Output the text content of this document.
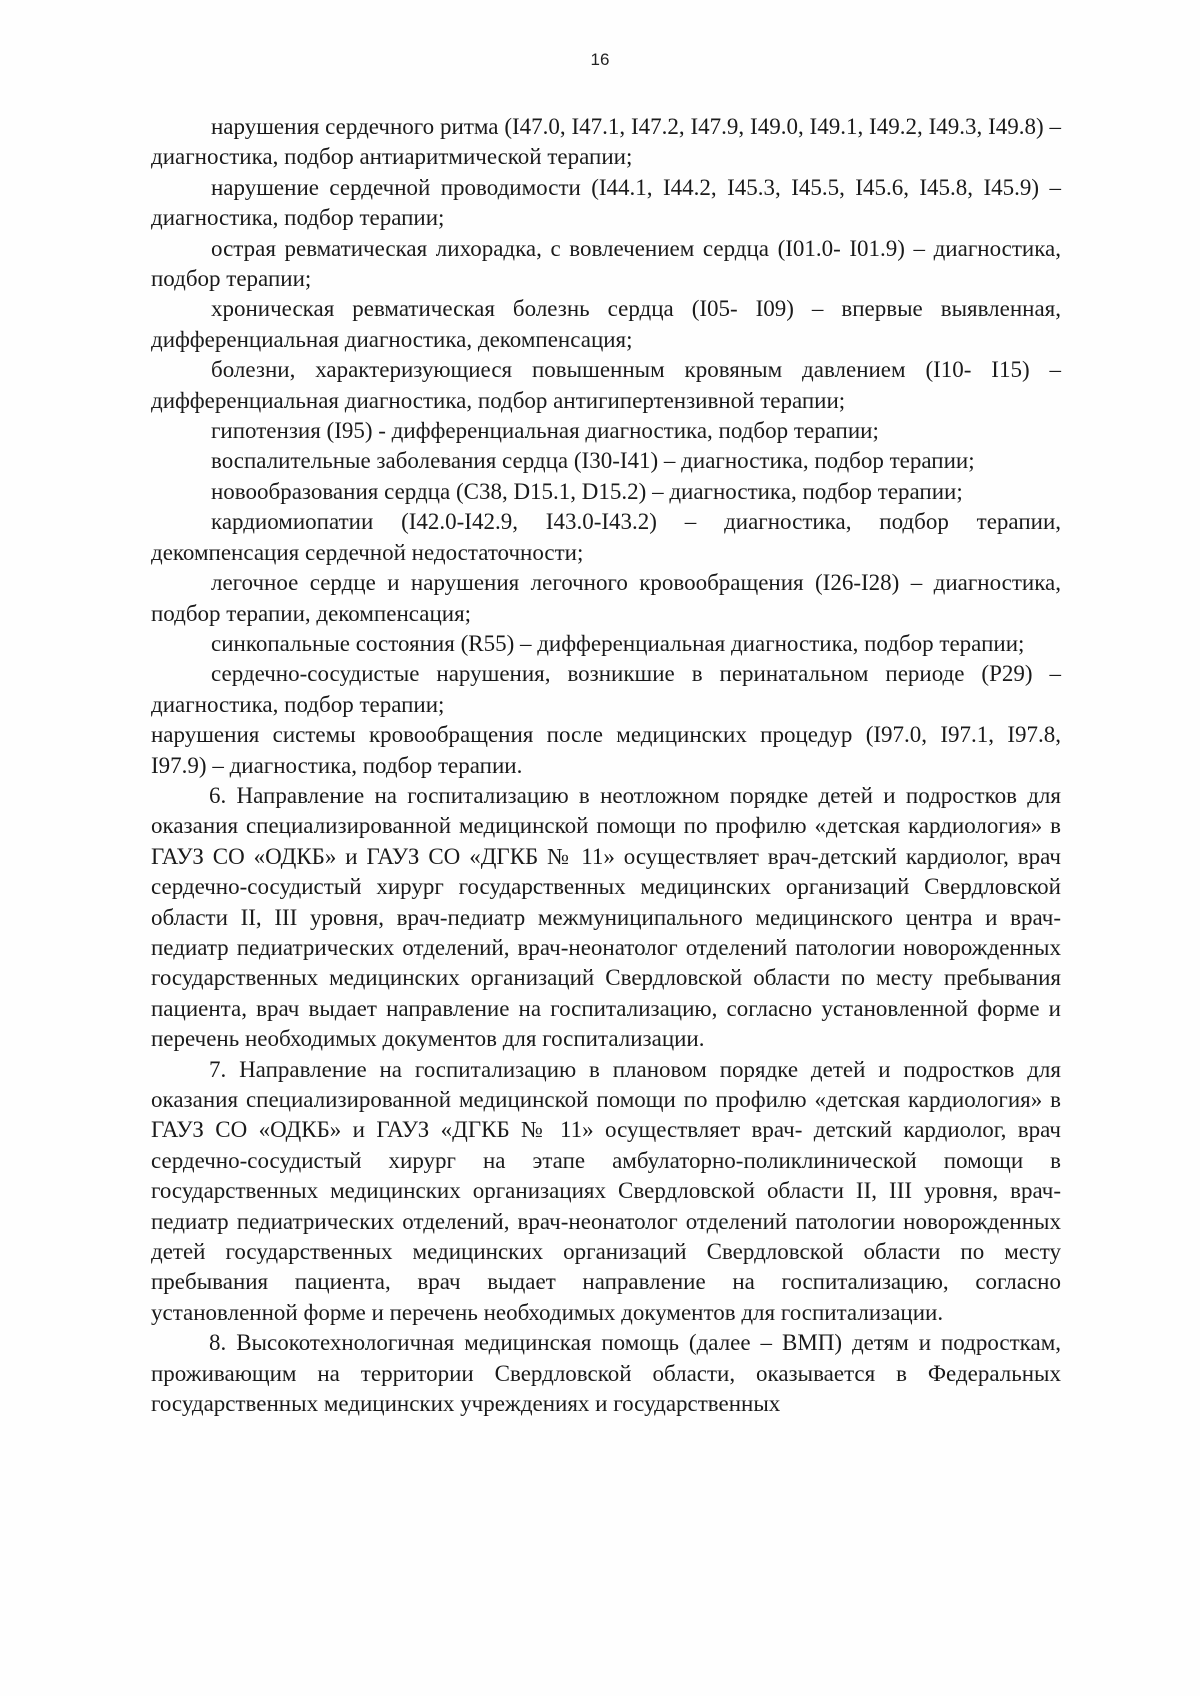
16

нарушения сердечного ритма (I47.0, I47.1, I47.2, I47.9, I49.0, I49.1, I49.2, I49.3, I49.8) – диагностика, подбор антиаритмической терапии;

нарушение сердечной проводимости (I44.1, I44.2, I45.3, I45.5, I45.6, I45.8, I45.9) – диагностика, подбор терапии;

острая ревматическая лихорадка, с вовлечением сердца (I01.0- I01.9) – диагностика, подбор терапии;

хроническая ревматическая болезнь сердца (I05- I09) – впервые выявленная, дифференциальная диагностика, декомпенсация;

болезни, характеризующиеся повышенным кровяным давлением (I10- I15) – дифференциальная диагностика, подбор антигипертензивной терапии;

гипотензия (I95) - дифференциальная диагностика, подбор терапии;

воспалительные заболевания сердца (I30-I41) – диагностика, подбор терапии;

новообразования сердца (C38, D15.1, D15.2) – диагностика, подбор терапии;

кардиомиопатии (I42.0-I42.9, I43.0-I43.2) – диагностика, подбор терапии, декомпенсация сердечной недостаточности;

легочное сердце и нарушения легочного кровообращения (I26-I28) – диагностика, подбор терапии, декомпенсация;

синкопальные состояния (R55) – дифференциальная диагностика, подбор терапии;

сердечно-сосудистые нарушения, возникшие в перинатальном периоде (P29) – диагностика, подбор терапии;

нарушения системы кровообращения после медицинских процедур (I97.0, I97.1, I97.8, I97.9) – диагностика, подбор терапии.

6. Направление на госпитализацию в неотложном порядке детей и подростков для оказания специализированной медицинской помощи по профилю «детская кардиология» в ГАУЗ СО «ОДКБ» и ГАУЗ СО «ДГКБ № 11» осуществляет врач-детский кардиолог, врач сердечно-сосудистый хирург государственных медицинских организаций Свердловской области II, III уровня, врач-педиатр межмуниципального медицинского центра и врач-педиатр педиатрических отделений, врач-неонатолог отделений патологии новорожденных государственных медицинских организаций Свердловской области по месту пребывания пациента, врач выдает направление на госпитализацию, согласно установленной форме и перечень необходимых документов для госпитализации.

7. Направление на госпитализацию в плановом порядке детей и подростков для оказания специализированной медицинской помощи по профилю «детская кардиология» в ГАУЗ СО «ОДКБ» и ГАУЗ «ДГКБ № 11» осуществляет врач- детский кардиолог, врач сердечно-сосудистый хирург на этапе амбулаторно-поликлинической помощи в государственных медицинских организациях Свердловской области II, III уровня, врач-педиатр педиатрических отделений, врач-неонатолог отделений патологии новорожденных детей государственных медицинских организаций Свердловской области по месту пребывания пациента, врач выдает направление на госпитализацию, согласно установленной форме и перечень необходимых документов для госпитализации.

8. Высокотехнологичная медицинская помощь (далее – ВМП) детям и подросткам, проживающим на территории Свердловской области, оказывается в Федеральных государственных медицинских учреждениях и государственных
